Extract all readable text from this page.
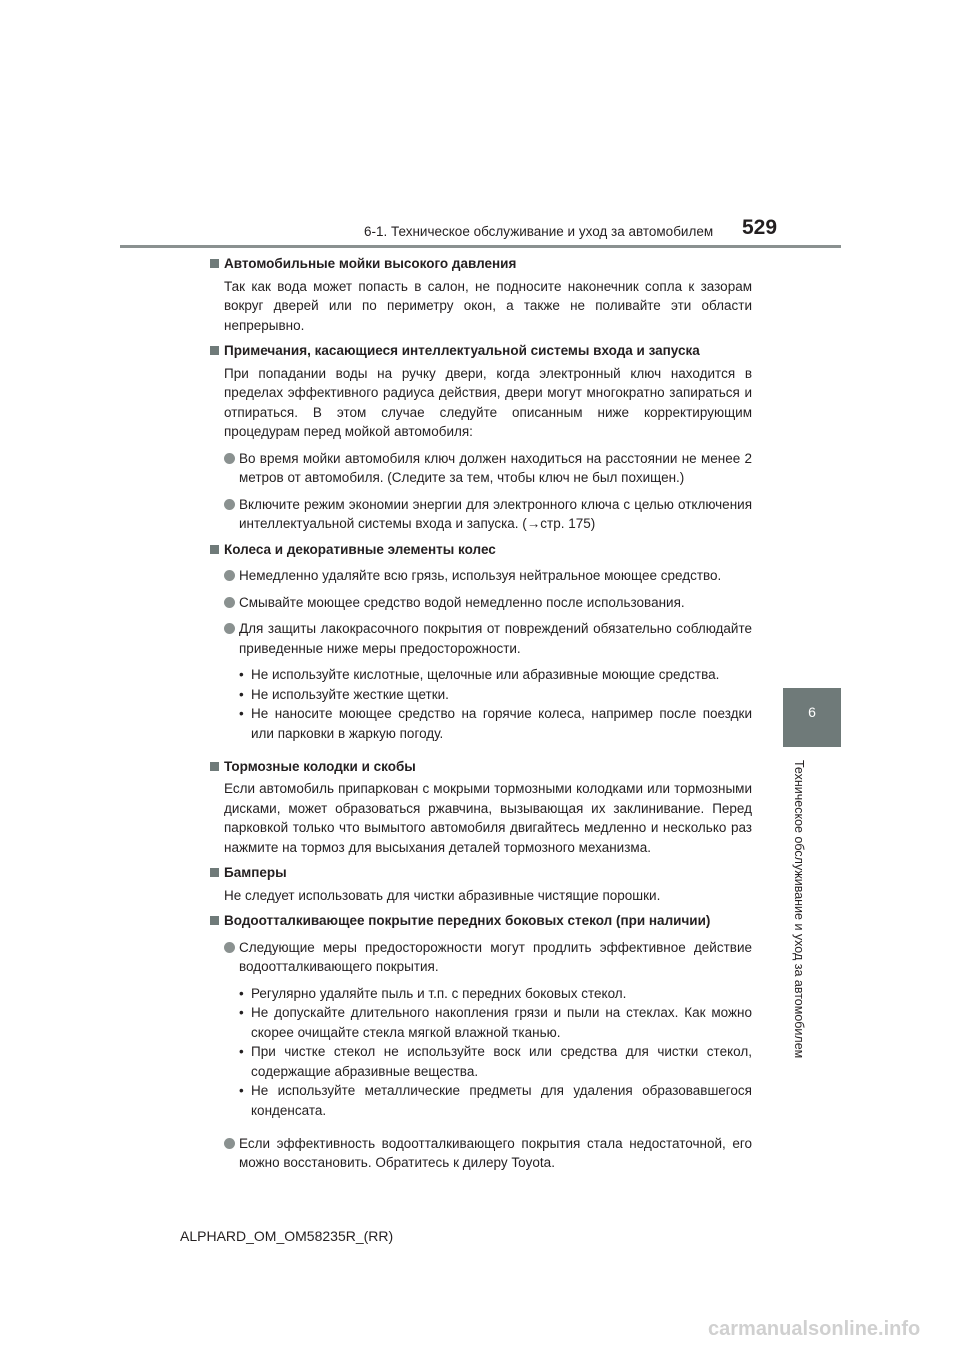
6-1. Техническое обслуживание и уход за автомобилем 529
6
Техническое обслуживание и уход за автомобилем
Автомобильные мойки высокого давления
Так как вода может попасть в салон, не подносите наконечник сопла к зазорам вокруг дверей или по периметру окон, а также не поливайте эти области непрерывно.
Примечания, касающиеся интеллектуальной системы входа и запуска
При попадании воды на ручку двери, когда электронный ключ находится в пределах эффективного радиуса действия, двери могут многократно запираться и отпираться. В этом случае следуйте описанным ниже корректирующим процедурам перед мойкой автомобиля:
Во время мойки автомобиля ключ должен находиться на расстоянии не менее 2 метров от автомобиля. (Следите за тем, чтобы ключ не был похищен.)
Включите режим экономии энергии для электронного ключа с целью отключения интеллектуальной системы входа и запуска. (→стр. 175)
Колеса и декоративные элементы колес
Немедленно удаляйте всю грязь, используя нейтральное моющее средство.
Смывайте моющее средство водой немедленно после использования.
Для защиты лакокрасочного покрытия от повреждений обязательно соблюдайте приведенные ниже меры предосторожности.
• Не используйте кислотные, щелочные или абразивные моющие средства.
• Не используйте жесткие щетки.
• Не наносите моющее средство на горячие колеса, например после поездки или парковки в жаркую погоду.
Тормозные колодки и скобы
Если автомобиль припаркован с мокрыми тормозными колодками или тормозными дисками, может образоваться ржавчина, вызывающая их заклинивание. Перед парковкой только что вымытого автомобиля двигайтесь медленно и несколько раз нажмите на тормоз для высыхания деталей тормозного механизма.
Бамперы
Не следует использовать для чистки абразивные чистящие порошки.
Водоотталкивающее покрытие передних боковых стекол (при наличии)
Следующие меры предосторожности могут продлить эффективное действие водоотталкивающего покрытия.
• Регулярно удаляйте пыль и т.п. с передних боковых стекол.
• Не допускайте длительного накопления грязи и пыли на стеклах. Как можно скорее очищайте стекла мягкой влажной тканью.
• При чистке стекол не используйте воск или средства для чистки стекол, содержащие абразивные вещества.
• Не используйте металлические предметы для удаления образовавшегося конденсата.
Если эффективность водоотталкивающего покрытия стала недостаточной, его можно восстановить. Обратитесь к дилеру Toyota.
ALPHARD_OM_OM58235R_(RR)
carmanualsonline.info
